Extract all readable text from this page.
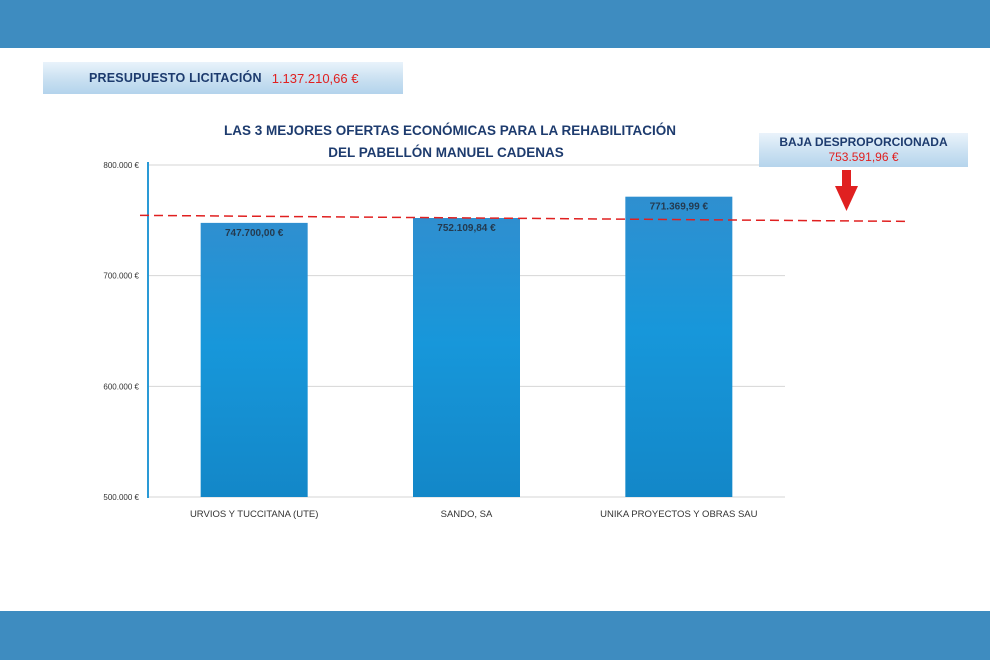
PRESUPUESTO LICITACIÓN 1.137.210,66 €
LAS 3 MEJORES OFERTAS ECONÓMICAS PARA LA REHABILITACIÓN
DEL PABELLÓN MANUEL CADENAS
500.000 €
600.000 €
700.000 €
800.000 €
747.700,00 €
URVIOS Y TUCCITANA (UTE)
752.109,84 €
SANDO, SA
771.369,99 €
UNIKA PROYECTOS Y OBRAS SAU
BAJA DESPROPORCIONADA
753.591,96 €
